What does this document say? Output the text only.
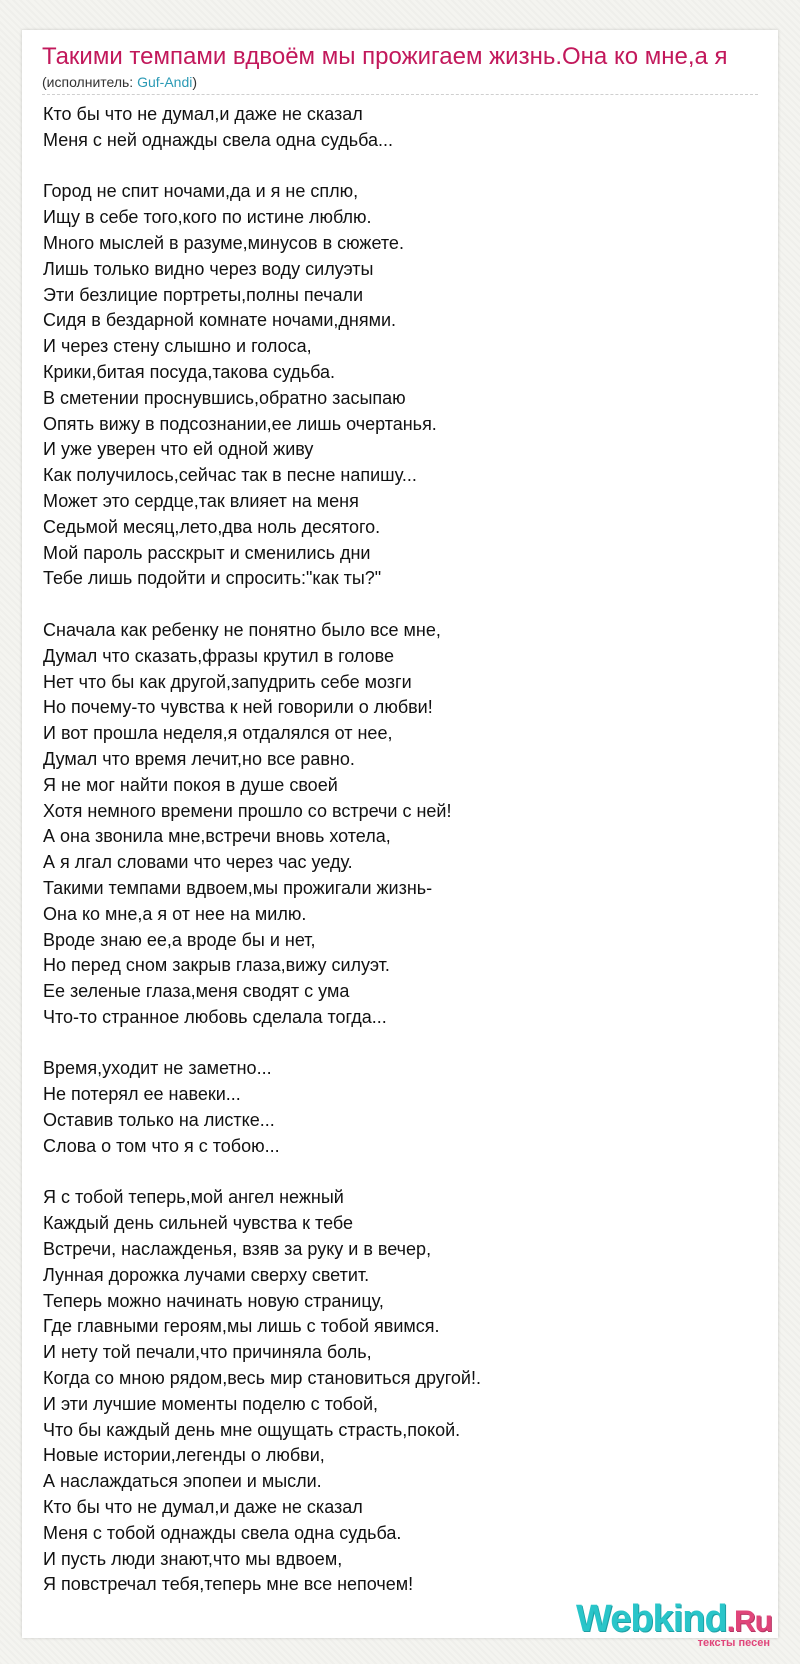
Такими темпами вдвоём мы прожигаем жизнь.Она ко мне,а я
(исполнитель: Guf-Andi)
Кто бы что не думал,и даже не сказал
Меня с ней однажды свела одна судьба...
Город не спит ночами,да и я не сплю,
Ищу в себе того,кого по истине люблю.
Много мыслей в разуме,минусов в сюжете.
Лишь только видно через воду силуэты
Эти безлицие портреты,полны печали
Сидя в бездарной комнате ночами,днями.
И через стену слышно и голоса,
Крики,битая посуда,такова судьба.
В сметении проснувшись,обратно засыпаю
Опять вижу в подсознании,ее лишь очертанья.
И уже уверен что ей одной живу
Как получилось,сейчас так в песне напишу...
Может это сердце,так влияет на меня
Седьмой месяц,лето,два ноль десятого.
Мой пароль расскрыт и сменились дни
Тебе лишь подойти и спросить:"как ты?"
Сначала как ребенку не понятно было все мне,
Думал что сказать,фразы крутил в голове
Нет что бы как другой,запудрить себе мозги
Но почему-то чувства к ней говорили о любви!
И вот прошла неделя,я отдалялся от нее,
Думал что время лечит,но все равно.
Я не мог найти покоя в душе своей
Хотя немного времени прошло со встречи с ней!
А она звонила мне,встречи вновь хотела,
А я лгал словами что через час уеду.
Такими темпами вдвоем,мы прожигали жизнь-
Она ко мне,а я от нее на милю.
Вроде знаю ее,а вроде бы и нет,
Но перед сном закрыв глаза,вижу силуэт.
Ее зеленые глаза,меня сводят с ума
Что-то странное любовь сделала тогда...
Время,уходит не заметно...
Не потерял ее навеки...
Оставив только на листке...
Слова о том что я с тобою...
Я с тобой теперь,мой ангел нежный
Каждый день сильней чувства к тебе
Встречи, наслажденья, взяв за руку и в вечер,
Лунная дорожка лучами сверху светит.
Теперь можно начинать новую страницу,
Где главными героям,мы лишь с тобой явимся.
И нету той печали,что причиняла боль,
Когда со мною рядом,весь мир становиться другой!.
И эти лучшие моменты поделю с тобой,
Что бы каждый день мне ощущать страсть,покой.
Новые истории,легенды о любви,
А наслаждаться эпопеи и мысли.
Кто бы что не думал,и даже не сказал
Меня с тобой однажды свела одна судьба.
И пусть люди знают,что мы вдвоем,
Я повстречал тебя,теперь мне все непочем!
Webkind.Ru
тексты песен
